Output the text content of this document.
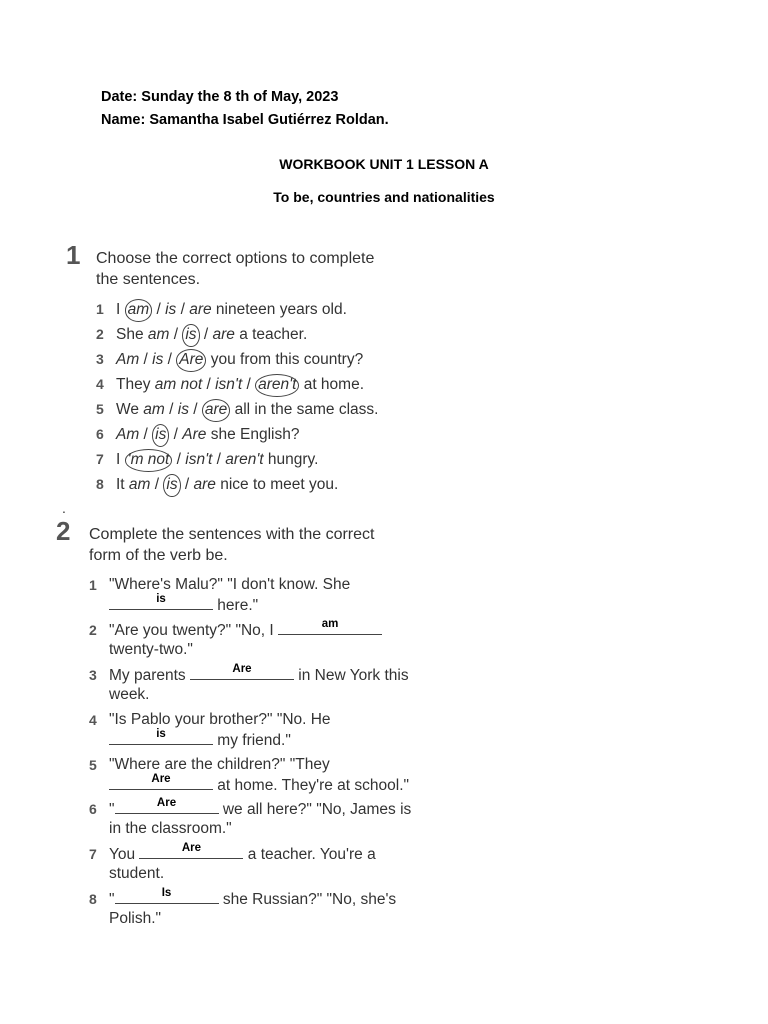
Date: Sunday the 8 th of May, 2023
Name: Samantha Isabel Gutiérrez Roldan.
WORKBOOK UNIT 1 LESSON A
To be, countries and nationalities
1 Choose the correct options to complete
the sentences.
1 I am / is / are nineteen years old.
2 She am / is / are a teacher.
3 Am / is / Are you from this country?
4 They am not / isn't / aren't at home.
5 We am / is / are all in the same class.
6 Am / is / Are she English?
7 I 'm not / isn't / aren't hungry.
8 It am / is / are nice to meet you.
.
2 Complete the sentences with the correct
form of the verb be.
1 "Where's Malu?" "I don't know. She
is	here."
2 "Are you twenty?" "No, I	am
twenty-two."
3 My parents	Are	in New York this
week.
4 "Is Pablo your brother?" "No. He
is	my friend."
5 "Where are the children?" "They
Are	at home. They're at school."
6 "	Are	we all here?" "No, James is
in the classroom."
7 You	Are	a teacher. You're a
student.
8 "	Is	she Russian?" "No, she's
Polish."
